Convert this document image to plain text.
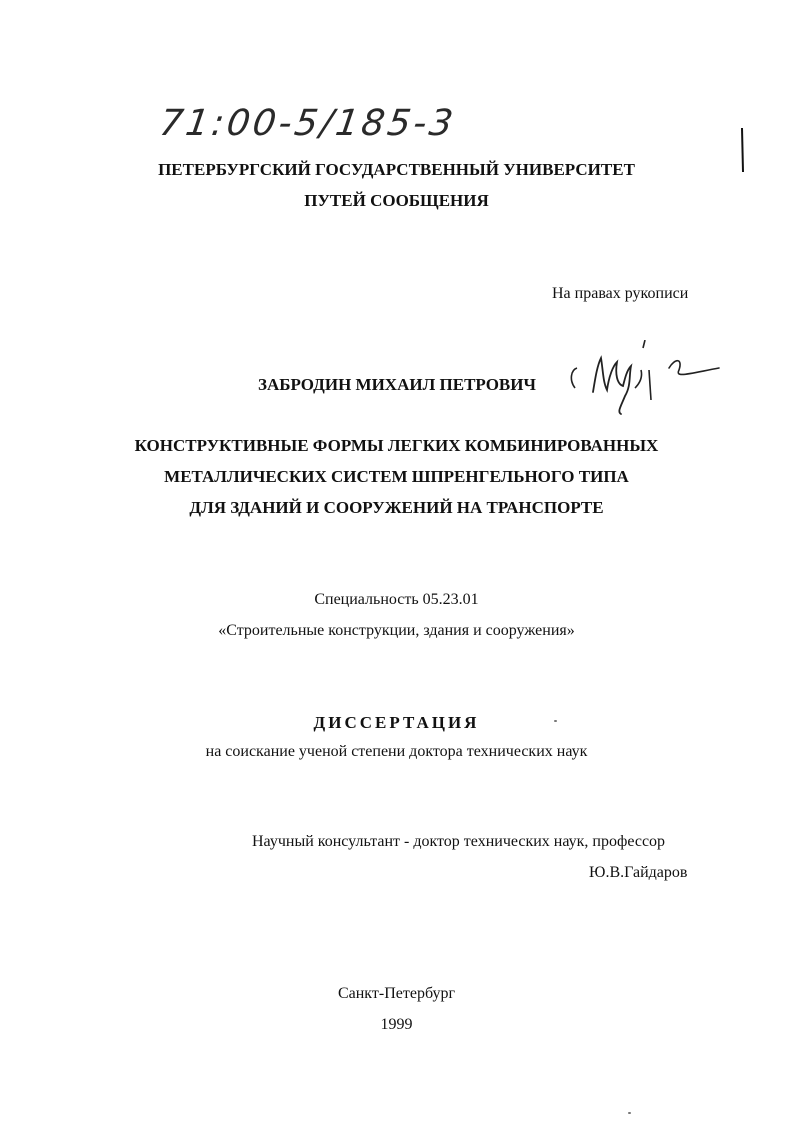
71:00-5/185-3
ПЕТЕРБУРГСКИЙ ГОСУДАРСТВЕННЫЙ УНИВЕРСИТЕТ
ПУТЕЙ СООБЩЕНИЯ
На правах рукописи
ЗАБРОДИН МИХАИЛ ПЕТРОВИЧ
КОНСТРУКТИВНЫЕ ФОРМЫ ЛЕГКИХ КОМБИНИРОВАННЫХ
МЕТАЛЛИЧЕСКИХ СИСТЕМ ШПРЕНГЕЛЬНОГО ТИПА
ДЛЯ ЗДАНИЙ И СООРУЖЕНИЙ НА ТРАНСПОРТЕ
Специальность 05.23.01
«Строительные конструкции, здания и сооружения»
ДИССЕРТАЦИЯ
на соискание ученой степени доктора технических наук
Научный консультант - доктор технических наук, профессор
Ю.В.Гайдаров
Санкт-Петербург
1999
